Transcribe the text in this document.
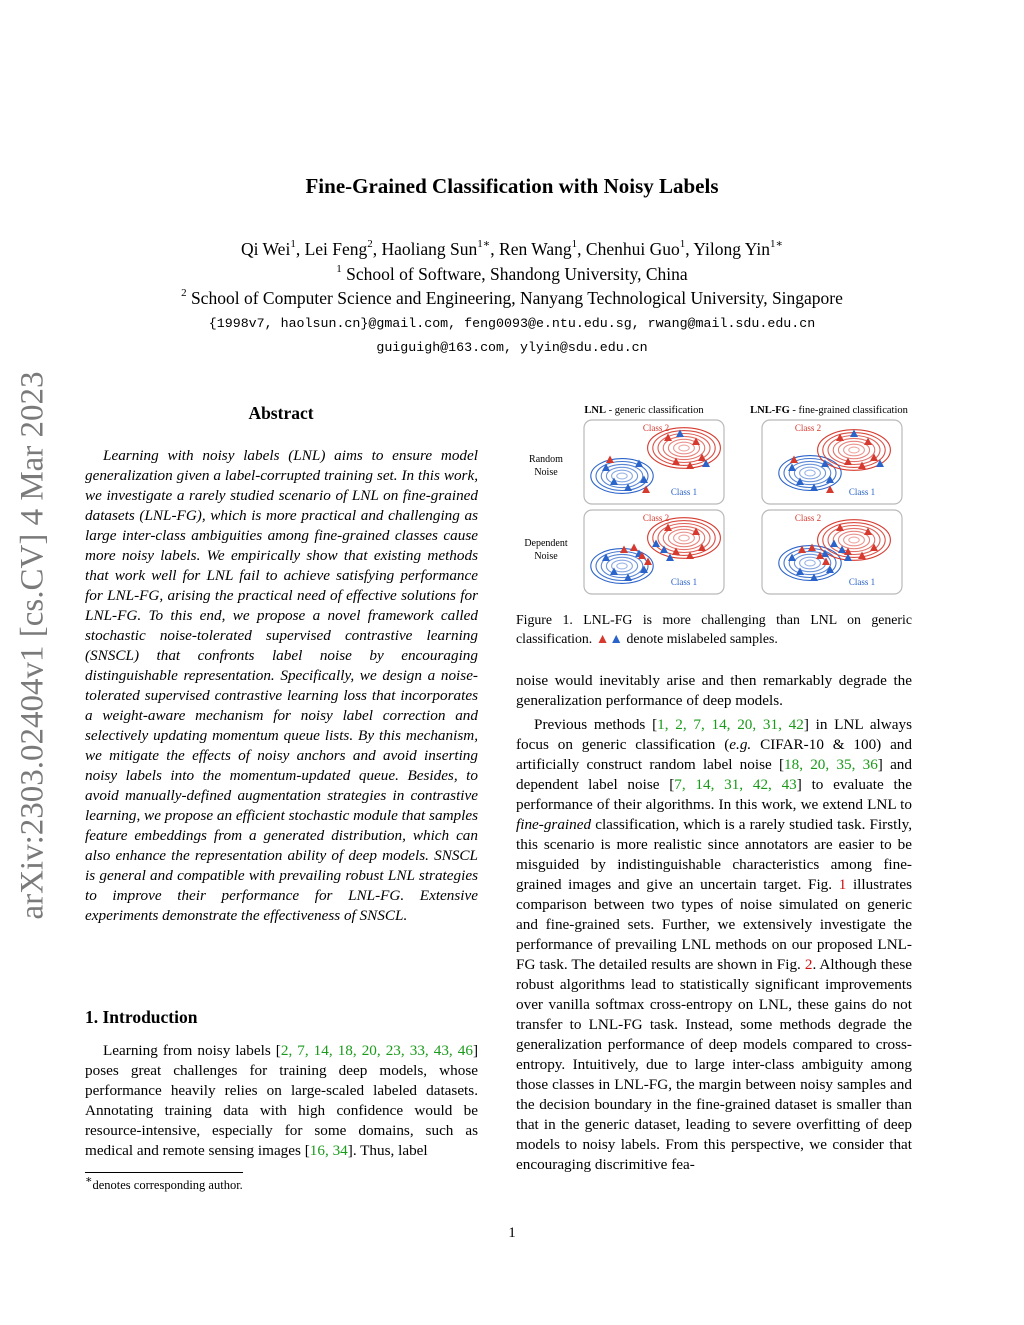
Fine-Grained Classification with Noisy Labels
Qi Wei$^1$, Lei Feng$^2$, Haoliang Sun$^{1∗}$, Ren Wang$^1$, Chenhui Guo$^1$, Yilong Yin$^{1∗}$
$^1$ School of Software, Shandong University, China
$^2$ School of Computer Science and Engineering, Nanyang Technological University, Singapore
{1998v7, haolsun.cn}@gmail.com, feng0093@e.ntu.edu.sg, rwang@mail.sdu.edu.cn
guiguigh@163.com, ylyin@sdu.edu.cn
arXiv:2303.02404v1 [cs.CV] 4 Mar 2023	Abstract

Learning with noisy labels (LNL) aims to ensure model generalization given a label-corrupted training set. In this work, we investigate a rarely studied scenario of LNL on fine-grained datasets (LNL-FG), which is more practical and challenging as large inter-class ambiguities among fine-grained classes cause more noisy labels. We empirically show that existing methods that work well for LNL fail to achieve satisfying performance for LNL-FG, arising the practical need of effective solutions for LNL-FG. To this end, we propose a novel framework called stochastic noise-tolerated supervised contrastive learning (SNSCL) that confronts label noise by encouraging distinguishable representation. Specifically, we design a noise-tolerated supervised contrastive learning loss that incorporates a weight-aware mechanism for noisy label correction and selectively updating momentum queue lists. By this mechanism, we mitigate the effects of noisy anchors and avoid inserting noisy labels into the momentum-updated queue. Besides, to avoid manually-defined augmentation strategies in contrastive learning, we propose an efficient stochastic module that samples feature embeddings from a generated distribution, which can also enhance the representation ability of deep models. SNSCL is general and compatible with prevailing robust LNL strategies to improve their performance for LNL-FG. Extensive experiments demonstrate the effectiveness of SNSCL.

1. Introduction

Learning from noisy labels [2, 7, 14, 18, 20, 23, 33, 43, 46] poses great challenges for training deep models, whose performance heavily relies on large-scaled labeled datasets. Annotating training data with high confidence would be resource-intensive, especially for some domains, such as medical and remote sensing images [16, 34]. Thus, label

∗denotes corresponding author.
LNL - generic classification	LNL-FG - fine-grained classification
Random
Noise
Dependent
Noise
Class 1
Class 2
Class 1
Class 2
Class 1
Class 2
Class 1
Class 2
Figure 1. LNL-FG is more challenging than LNL on generic classification. ▲▲ denote mislabeled samples.

noise would inevitably arise and then remarkably degrade the generalization performance of deep models.

Previous methods [1, 2, 7, 14, 20, 31, 42] in LNL always focus on generic classification (e.g. CIFAR-10 & 100) and artificially construct random label noise [18, 20, 35, 36] and dependent label noise [7, 14, 31, 42, 43] to evaluate the performance of their algorithms. In this work, we extend LNL to fine-grained classification, which is a rarely studied task. Firstly, this scenario is more realistic since annotators are easier to be misguided by indistinguishable characteristics among fine-grained images and give an uncertain target. Fig. 1 illustrates comparison between two types of noise simulated on generic and fine-grained sets. Further, we extensively investigate the performance of prevailing LNL methods on our proposed LNL-FG task. The detailed results are shown in Fig. 2. Although these robust algorithms lead to statistically significant improvements over vanilla softmax cross-entropy on LNL, these gains do not transfer to LNL-FG task. Instead, some methods degrade the generalization performance of deep models compared to cross-entropy. Intuitively, due to large inter-class ambiguity among those classes in LNL-FG, the margin between noisy samples and the decision boundary in the fine-grained dataset is smaller than that in the generic dataset, leading to severe overfitting of deep models to noisy labels. From this perspective, we consider that encouraging discrimitive fea-

1
